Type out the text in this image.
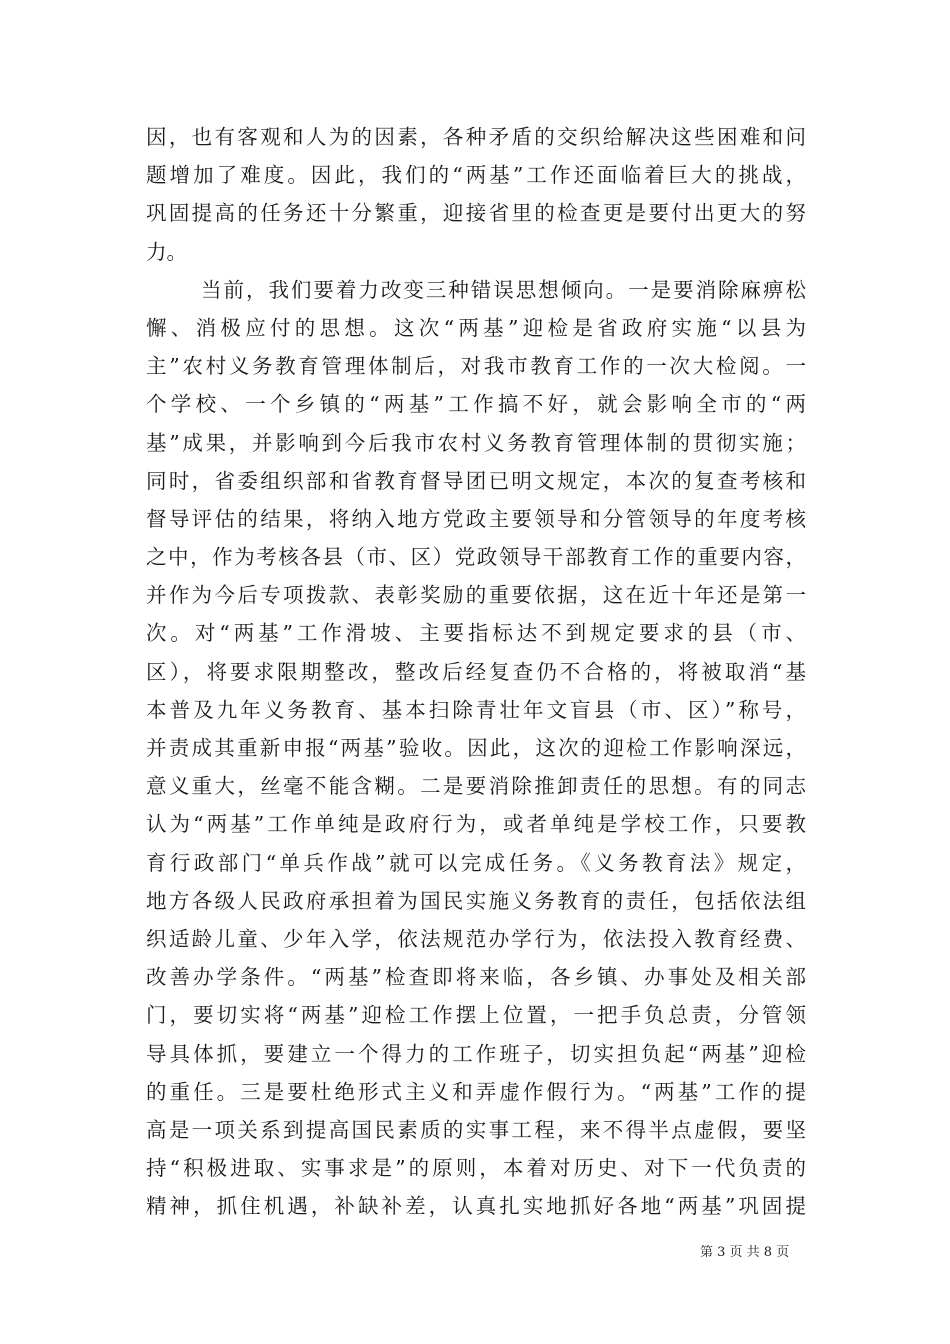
因，也有客观和人为的因素，各种矛盾的交织给解决这些困难和问
题增加了难度。因此，我们的“两基”工作还面临着巨大的挑战，
巩固提高的任务还十分繁重，迎接省里的检查更是要付出更大的努
力。
当前，我们要着力改变三种错误思想倾向。一是要消除麻痹松
懈、消极应付的思想。这次“两基”迎检是省政府实施“以县为
主”农村义务教育管理体制后，对我市教育工作的一次大检阅。一
个学校、一个乡镇的“两基”工作搞不好，就会影响全市的“两
基”成果，并影响到今后我市农村义务教育管理体制的贯彻实施；
同时，省委组织部和省教育督导团已明文规定，本次的复查考核和
督导评估的结果，将纳入地方党政主要领导和分管领导的年度考核
之中，作为考核各县（市、区）党政领导干部教育工作的重要内容，
并作为今后专项拨款、表彰奖励的重要依据，这在近十年还是第一
次。对“两基”工作滑坡、主要指标达不到规定要求的县（市、
区），将要求限期整改，整改后经复查仍不合格的，将被取消“基
本普及九年义务教育、基本扫除青壮年文盲县（市、区）”称号，
并责成其重新申报“两基”验收。因此，这次的迎检工作影响深远，
意义重大，丝毫不能含糊。二是要消除推卸责任的思想。有的同志
认为“两基”工作单纯是政府行为，或者单纯是学校工作，只要教
育行政部门“单兵作战”就可以完成任务。《义务教育法》规定，
地方各级人民政府承担着为国民实施义务教育的责任，包括依法组
织适龄儿童、少年入学，依法规范办学行为，依法投入教育经费、
改善办学条件。“两基”检查即将来临，各乡镇、办事处及相关部
门，要切实将“两基”迎检工作摆上位置，一把手负总责，分管领
导具体抓，要建立一个得力的工作班子，切实担负起“两基”迎检
的重任。三是要杜绝形式主义和弄虚作假行为。“两基”工作的提
高是一项关系到提高国民素质的实事工程，来不得半点虚假，要坚
持“积极进取、实事求是”的原则，本着对历史、对下一代负责的
精神，抓住机遇，补缺补差，认真扎实地抓好各地“两基”巩固提
第 3 页 共 8 页
